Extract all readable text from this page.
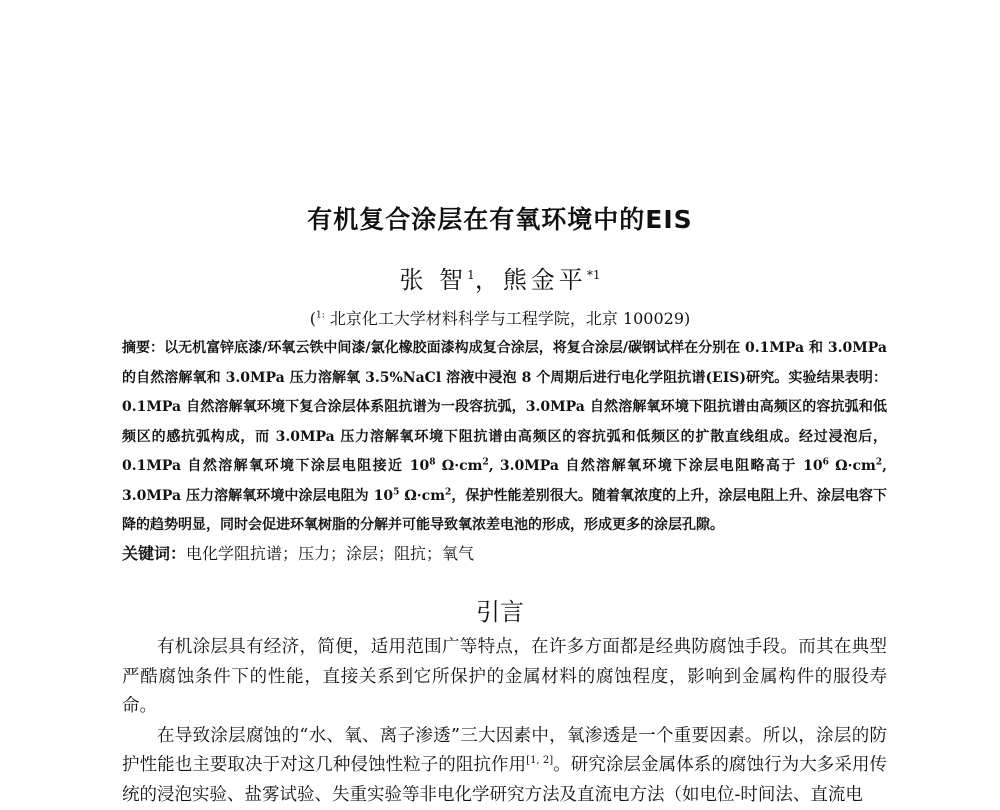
有机复合涂层在有氧环境中的EIS
张 智$^1$，熊金平$^{*1}$
($^{1:}$ 北京化工大学材料科学与工程学院，北京 100029)
摘要：以无机富锌底漆/环氧云铁中间漆/氯化橡胶面漆构成复合涂层，将复合涂层/碳钢试样在分别在 0.1MPa 和 3.0MPa 的自然溶解氧和 3.0MPa 压力溶解氧 3.5%NaCl 溶液中浸泡 8 个周期后进行电化学阻抗谱(EIS)研究。实验结果表明：0.1MPa 自然溶解氧环境下复合涂层体系阻抗谱为一段容抗弧，3.0MPa 自然溶解氧环境下阻抗谱由高频区的容抗弧和低频区的感抗弧构成，而 3.0MPa 压力溶解氧环境下阻抗谱由高频区的容抗弧和低频区的扩散直线组成。经过浸泡后，0.1MPa 自然溶解氧环境下涂层电阻接近 $10^8$ $\Omega\cdot cm^2$, 3.0MPa 自然溶解氧环境下涂层电阻略高于 $10^6$ $\Omega\cdot cm^2$, 3.0MPa 压力溶解氧环境中涂层电阻为 $10^5$ $\Omega\cdot cm^2$，保护性能差别很大。随着氧浓度的上升，涂层电阻上升、涂层电容下降的趋势明显，同时会促进环氧树脂的分解并可能导致氧浓差电池的形成，形成更多的涂层孔隙。
关键词：电化学阻抗谱；压力；涂层；阻抗；氧气
引言

有机涂层具有经济，简便，适用范围广等特点，在许多方面都是经典防腐蚀手段。而其在典型严酷腐蚀条件下的性能，直接关系到它所保护的金属材料的腐蚀程度，影响到金属构件的服役寿命。

在导致涂层腐蚀的“水、氧、离子渗透”三大因素中，氧渗透是一个重要因素。所以，涂层的防护性能也主要取决于对这几种侵蚀性粒子的阻抗作用[1, 2]。研究涂层金属体系的腐蚀行为大多采用传统的浸泡实验、盐雾试验、失重实验等非电化学研究方法及直流电方法（如电位-时间法、直流电
